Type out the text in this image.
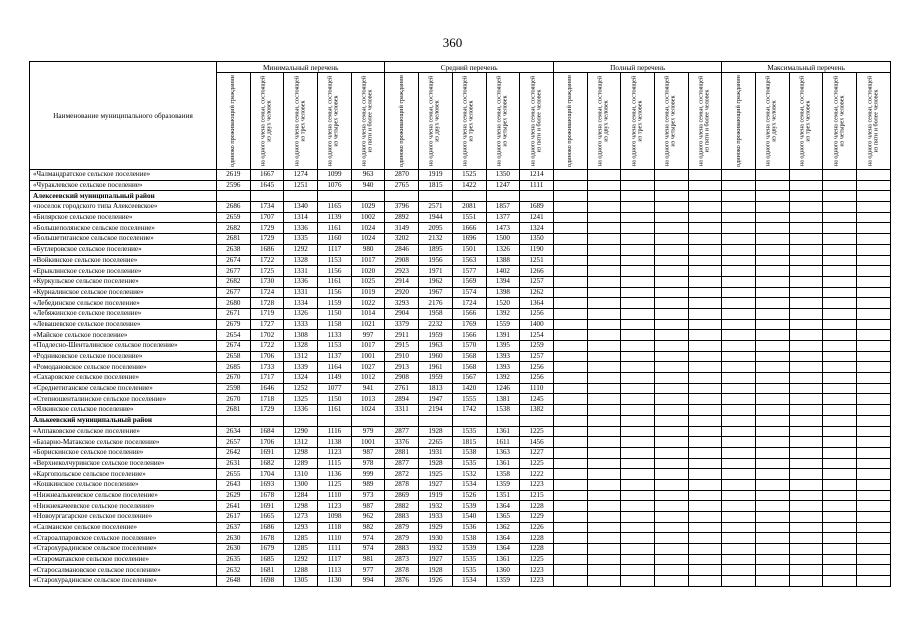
360
Наименование муниципального образования	Минимальный перечень					Средний перечень					Полный перечень					Максимальный перечень				

	одиноко проживающий гражданин	на одного члена семьи, состоящей из двух человек	на одного члена семьи, состоящей из трех человек	на одного члена семьи, состоящей из четырех человек	на одного члена семьи, состоящей из пяти и более человек	одиноко проживающий гражданин	на одного члена семьи, состоящей из двух человек	на одного члена семьи, состоящей из трех человек	на одного члена семьи, состоящей из четырех человек	на одного члена семьи, состоящей из пяти и более человек	одиноко проживающий гражданин	на одного члена семьи, состоящей из двух человек	на одного члена семьи, состоящей из трех человек	на одного члена семьи, состоящей из четырех человек	на одного члена семьи, состоящей из пяти и более человек	одиноко проживающий гражданин	на одного члена семьи, состоящей из двух человек	на одного члена семьи, состоящей из трех человек	на одного члена семьи, состоящей из четырех человек	на одного члена семьи, состоящей из пяти и более человек

«Чалмандратское сельское поселение»	2619	1667	1274	1099	963	2870	1919	1525	1350	1214										
«Чураклевское сельское поселение»	2596	1645	1251	1076	940	2765	1815	1422	1247	1111										
Алексеевский муниципальный район																				
«поселок городского типа Алексеевское»	2686	1734	1340	1165	1029	3796	2571	2081	1857	1689										
«Билярское сельское поселение»	2659	1707	1314	1139	1002	2892	1944	1551	1377	1241										
«Большеполянское сельское поселение»	2682	1729	1336	1161	1024	3149	2095	1666	1473	1324										
«Большетиганское сельское поселение»	2681	1729	1335	1160	1024	3202	2132	1696	1500	1350										
«Бутлеровское сельское поселение»	2638	1686	1292	1117	980	2846	1895	1501	1326	1190										
«Войкинское сельское поселение»	2674	1722	1328	1153	1017	2908	1956	1563	1388	1251										
«Ерыклинское сельское поселение»	2677	1725	1331	1156	1020	2923	1971	1577	1402	1266										
«Куркульское сельское поселение»	2682	1730	1336	1161	1025	2914	1962	1569	1394	1257										
«Курналинское сельское поселение»	2677	1724	1331	1156	1019	2920	1967	1574	1398	1262										
«Лебединское сельское поселение»	2680	1728	1334	1159	1022	3293	2176	1724	1520	1364										
«Лебяжинское сельское поселение»	2671	1719	1326	1150	1014	2904	1958	1566	1392	1256										
«Левашевское сельское поселение»	2679	1727	1333	1158	1021	3379	2232	1769	1559	1400										
«Майское сельское поселение»	2654	1702	1308	1133	997	2911	1959	1566	1391	1254										
«Подлесно-Шенталинское сельское поселение»	2674	1722	1328	1153	1017	2915	1963	1570	1395	1259										
«Родниковское сельское поселение»	2658	1706	1312	1137	1001	2910	1960	1568	1393	1257										
«Ромодановское сельское поселение»	2685	1733	1339	1164	1027	2913	1961	1568	1393	1256										
«Сахаровское сельское поселение»	2670	1717	1324	1149	1012	2908	1959	1567	1392	1256										
«Среднетиганское сельское поселение»	2598	1646	1252	1077	941	2761	1813	1420	1246	1110										
«Степношенталинское сельское поселение»	2670	1718	1325	1150	1013	2894	1947	1555	1381	1245										
«Ялкинское сельское поселение»	2681	1729	1336	1161	1024	3311	2194	1742	1538	1382										
Алькеевский муниципальный район																				
«Аппаковское сельское поселение»	2634	1684	1290	1116	979	2877	1928	1535	1361	1225										
«Базарно-Матакское сельское поселение»	2657	1706	1312	1138	1001	3376	2265	1815	1611	1456										
«Борискинское сельское поселение»	2642	1691	1298	1123	987	2881	1931	1538	1363	1227										
«Верхнеколчуринское сельское поселение»	2631	1682	1289	1115	978	2877	1928	1535	1361	1225										
«Каргопольское сельское поселение»	2655	1704	1310	1136	999	2872	1925	1532	1358	1222										
«Кошкинское сельское поселение»	2643	1693	1300	1125	989	2878	1927	1534	1359	1223										
«Нижнеалькеевское сельское поселение»	2629	1678	1284	1110	973	2869	1919	1526	1351	1215										
«Нижнекачеевское сельское поселение»	2641	1691	1298	1123	987	2882	1932	1539	1364	1228										
«Новоургагарское сельское поселение»	2617	1665	1273	1098	962	2883	1933	1540	1365	1229										
«Салманское сельское поселение»	2637	1686	1293	1118	982	2879	1929	1536	1362	1226										
«Староалпаровское сельское поселение»	2630	1678	1285	1110	974	2879	1930	1538	1364	1228										
«Старохурадинское сельское поселение»	2630	1679	1285	1111	974	2883	1932	1539	1364	1228										
«Староматакское сельское поселение»	2635	1685	1292	1117	981	2873	1927	1535	1361	1225										
«Старосалмановское сельское поселение»	2632	1681	1288	1113	977	2878	1928	1535	1360	1223										
«Старохурадинское сельское поселение»	2648	1698	1305	1130	994	2876	1926	1534	1359	1223										
